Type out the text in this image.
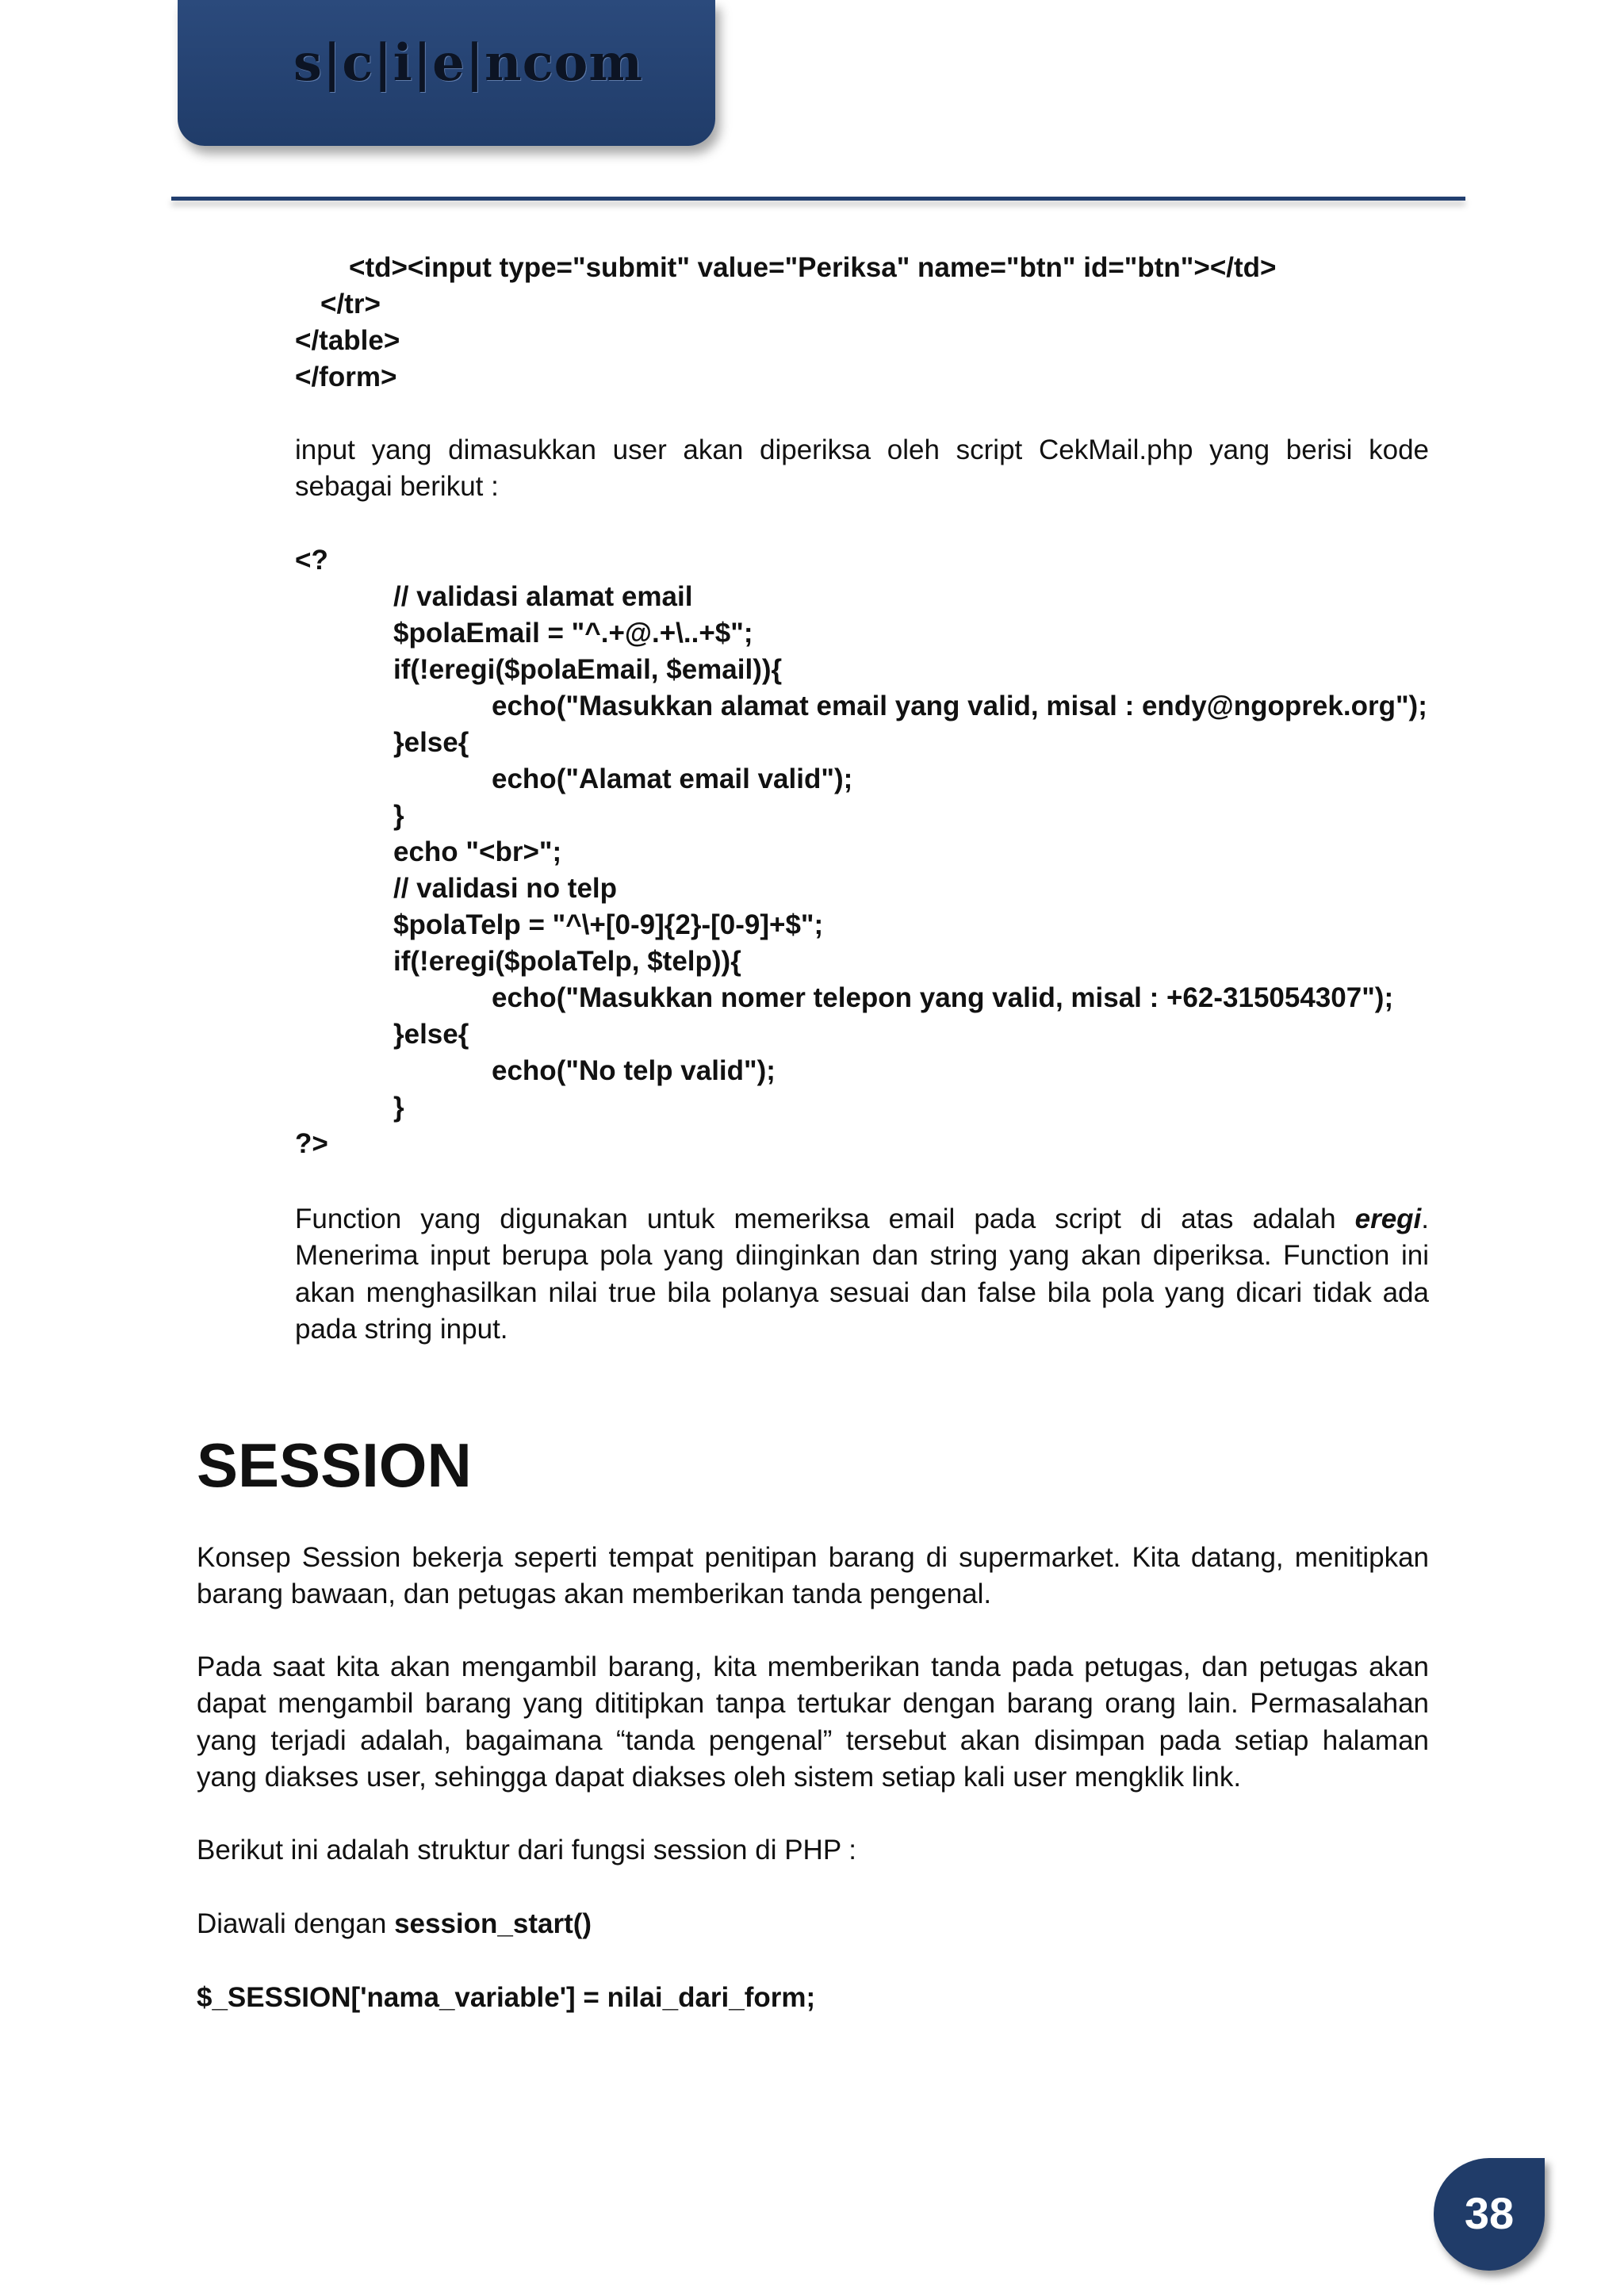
s|c|i|e|ncom
<td><input type="submit" value="Periksa" name="btn" id="btn"></td>
</tr>
</table>
</form>
input yang dimasukkan user akan diperiksa oleh script CekMail.php yang berisi kode sebagai berikut :
<?
// validasi alamat email
$polaEmail = "^.+@.+\..+$";
if(!eregi($polaEmail, $email)){
echo("Masukkan alamat email yang valid, misal : endy@ngoprek.org");
}else{
echo("Alamat email valid");
}
echo "<br>";
// validasi no telp
$polaTelp = "^\+[0-9]{2}-[0-9]+$";
if(!eregi($polaTelp, $telp)){
echo("Masukkan nomer telepon yang valid, misal : +62-315054307");
}else{
echo("No telp valid");
}
?>
Function yang digunakan untuk memeriksa email pada script di atas adalah eregi. Menerima input berupa pola yang diinginkan dan string yang akan diperiksa. Function ini akan menghasilkan nilai true bila polanya sesuai dan false bila pola yang dicari tidak ada pada string input.
SESSION
Konsep Session bekerja seperti tempat penitipan barang di supermarket. Kita datang, menitipkan barang bawaan, dan petugas akan memberikan tanda pengenal.
Pada saat kita akan mengambil barang, kita memberikan tanda pada petugas, dan petugas akan dapat mengambil barang yang dititipkan tanpa tertukar dengan barang orang lain. Permasalahan yang terjadi adalah, bagaimana “tanda pengenal” tersebut akan disimpan pada setiap halaman yang diakses user, sehingga dapat diakses oleh sistem setiap kali user mengklik link.
Berikut ini adalah struktur dari fungsi session di PHP :
Diawali dengan session_start()
$_SESSION['nama_variable'] = nilai_dari_form;
38
